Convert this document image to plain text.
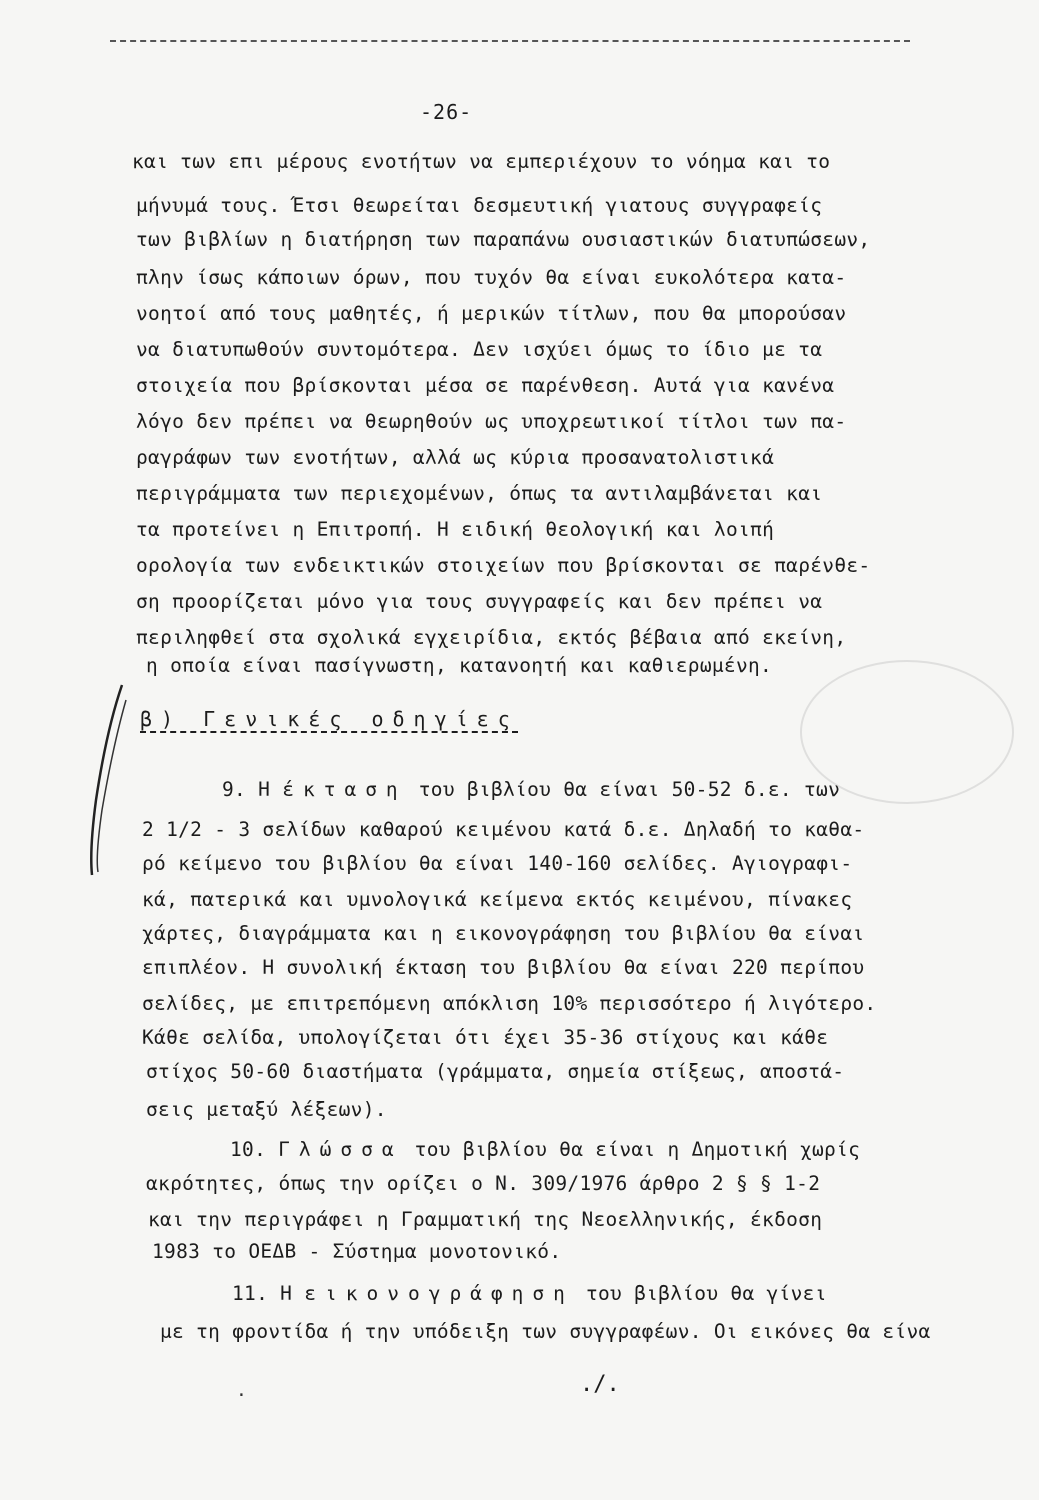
-26-
και των επι μέρους ενοτήτων να εμπεριέχουν το νόημα και το
μήνυμά τους. Έτσι θεωρείται δεσμευτική γιατους συγγραφείς
των βιβλίων η διατήρηση των παραπάνω ουσιαστικών διατυπώσεων,
πλην ίσως κάποιων όρων, που τυχόν θα είναι ευκολότερα κατα-
νοητοί από τους μαθητές, ή μερικών τίτλων, που θα μπορούσαν
να διατυπωθούν συντομότερα. Δεν ισχύει όμως το ίδιο με τα
στοιχεία που βρίσκονται μέσα σε παρένθεση. Αυτά για κανένα
λόγο δεν πρέπει να θεωρηθούν ως υποχρεωτικοί τίτλοι των πα-
ραγράφων των ενοτήτων, αλλά ως κύρια προσανατολιστικά
περιγράμματα των περιεχομένων, όπως τα αντιλαμβάνεται και
τα προτείνει η Επιτροπή. Η ειδική θεολογική και λοιπή
ορολογία των ενδεικτικών στοιχείων που βρίσκονται σε παρένθε-
ση προορίζεται μόνο για τους συγγραφείς και δεν πρέπει να
περιληφθεί στα σχολικά εγχειρίδια, εκτός βέβαια από εκείνη,
η οποία είναι πασίγνωστη, κατανοητή και καθιερωμένη.
β) Γενικές οδηγίες
9. Η έκταση του βιβλίου θα είναι 50-52 δ.ε. των
2 1/2 - 3 σελίδων καθαρού κειμένου κατά δ.ε. Δηλαδή το καθα-
ρό κείμενο του βιβλίου θα είναι 140-160 σελίδες. Αγιογραφι-
κά, πατερικά και υμνολογικά κείμενα εκτός κειμένου, πίνακες
χάρτες, διαγράμματα και η εικονογράφηση του βιβλίου θα είναι
επιπλέον. Η συνολική έκταση του βιβλίου θα είναι 220 περίπου
σελίδες, με επιτρεπόμενη απόκλιση 10% περισσότερο ή λιγότερο.
Κάθε σελίδα, υπολογίζεται ότι έχει 35-36 στίχους και κάθε
στίχος 50-60 διαστήματα (γράμματα, σημεία στίξεως, αποστά-
σεις μεταξύ λέξεων).
10. Γλώσσα του βιβλίου θα είναι η Δημοτική χωρίς
ακρότητες, όπως την ορίζει ο Ν. 309/1976 άρθρο 2 § § 1-2
και την περιγράφει η Γραμματική της Νεοελληνικής, έκδοση
1983 το ΟΕΔΒ - Σύστημα μονοτονικό.
11. Η εικονογράφηση του βιβλίου θα γίνει
με τη φροντίδα ή την υπόδειξη των συγγραφέων. Οι εικόνες θα είνα
·	./.
